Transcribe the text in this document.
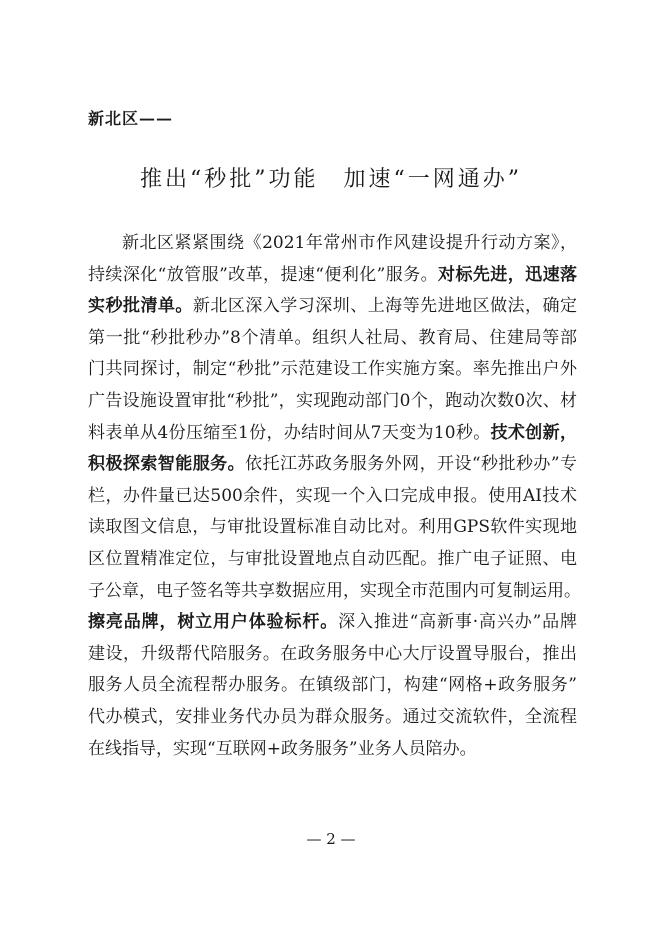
新北区——
推出“秒批”功能　加速“一网通办”
新北区紧紧围绕《2021年常州市作风建设提升行动方案》，
持续深化“放管服”改革，提速“便利化”服务。对标先进，迅速落
实秒批清单。新北区深入学习深圳、上海等先进地区做法，确定
第一批“秒批秒办”8个清单。组织人社局、教育局、住建局等部
门共同探讨，制定“秒批”示范建设工作实施方案。率先推出户外
广告设施设置审批“秒批”，实现跑动部门0个，跑动次数0次、材
料表单从4份压缩至1份，办结时间从7天变为10秒。技术创新，
积极探索智能服务。依托江苏政务服务外网，开设“秒批秒办”专
栏，办件量已达500余件，实现一个入口完成申报。使用AI技术
读取图文信息，与审批设置标准自动比对。利用GPS软件实现地
区位置精准定位，与审批设置地点自动匹配。推广电子证照、电
子公章，电子签名等共享数据应用，实现全市范围内可复制运用。
擦亮品牌，树立用户体验标杆。深入推进“高新事·高兴办”品牌
建设，升级帮代陪服务。在政务服务中心大厅设置导服台，推出
服务人员全流程帮办服务。在镇级部门，构建“网格+政务服务”
代办模式，安排业务代办员为群众服务。通过交流软件，全流程
在线指导，实现“互联网+政务服务”业务人员陪办。
— 2 —
